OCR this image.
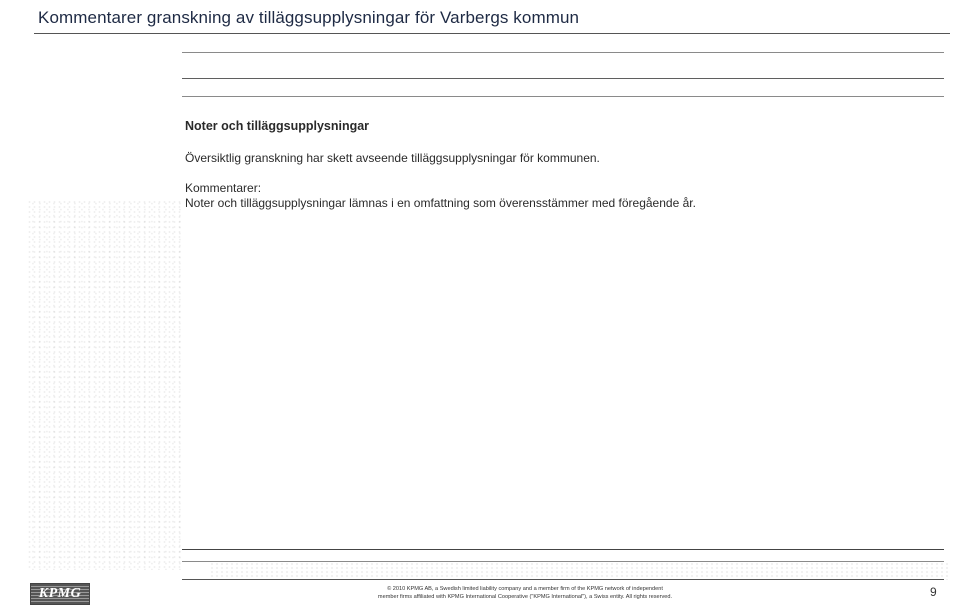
Kommentarer granskning av tilläggsupplysningar för Varbergs kommun
Noter och tilläggsupplysningar
Översiktlig granskning har skett avseende tilläggsupplysningar för kommunen.
Kommentarer:
Noter och tilläggsupplysningar lämnas i en omfattning som överensstämmer med föregående år.
KPMG	© 2010 KPMG AB, a Swedish limited liability company and a member firm of the KPMG network of independent
member firms affiliated with KPMG International Cooperative ("KPMG International"), a Swiss entity. All rights reserved.	9
